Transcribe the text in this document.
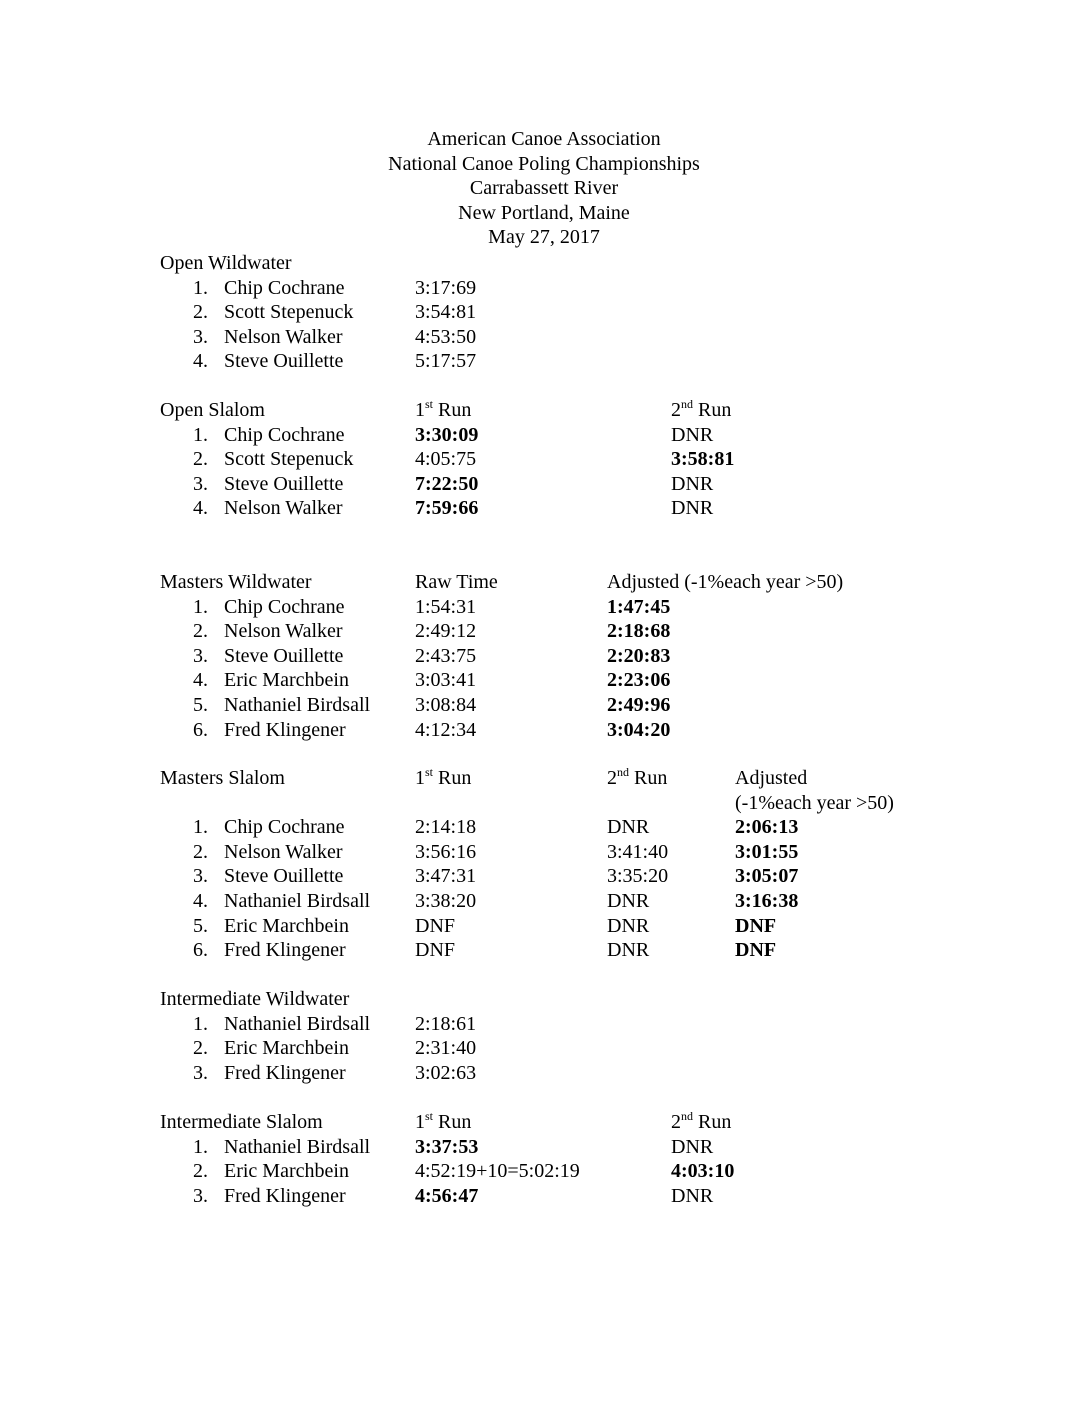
American Canoe Association
National Canoe Poling Championships
Carrabassett River
New Portland, Maine
May 27, 2017
Open Wildwater
1. Chip Cochrane	3:17:69
2. Scott Stepenuck	3:54:81
3. Nelson Walker	4:53:50
4. Steve Ouillette	5:17:57
Open Slalom	1st Run	2nd Run
1. Chip Cochrane	3:30:09	DNR
2. Scott Stepenuck	4:05:75	3:58:81
3. Steve Ouillette	7:22:50	DNR
4. Nelson Walker	7:59:66	DNR
Masters Wildwater	Raw Time	Adjusted (-1%each year >50)
1. Chip Cochrane	1:54:31	1:47:45
2. Nelson Walker	2:49:12	2:18:68
3. Steve Ouillette	2:43:75	2:20:83
4. Eric Marchbein	3:03:41	2:23:06
5. Nathaniel Birdsall 3:08:84	2:49:96
6. Fred Klingener	4:12:34	3:04:20
Masters Slalom	1st Run	2nd Run	Adjusted
(-1%each year >50)
1. Chip Cochrane	2:14:18	DNR	2:06:13
2. Nelson Walker	3:56:16	3:41:40	3:01:55
3. Steve Ouillette	3:47:31	3:35:20	3:05:07
4. Nathaniel Birdsall 3:38:20	DNR	3:16:38
5. Eric Marchbein	DNF	DNR	DNF
6. Fred Klingener	DNF	DNR	DNF
Intermediate Wildwater
1. Nathaniel Birdsall 2:18:61
2. Eric Marchbein	2:31:40
3. Fred Klingener	3:02:63
Intermediate Slalom	1st Run	2nd Run
1. Nathaniel Birdsall 3:37:53	DNR
2. Eric Marchbein	4:52:19+10=5:02:19	4:03:10
3. Fred Klingener	4:56:47	DNR
